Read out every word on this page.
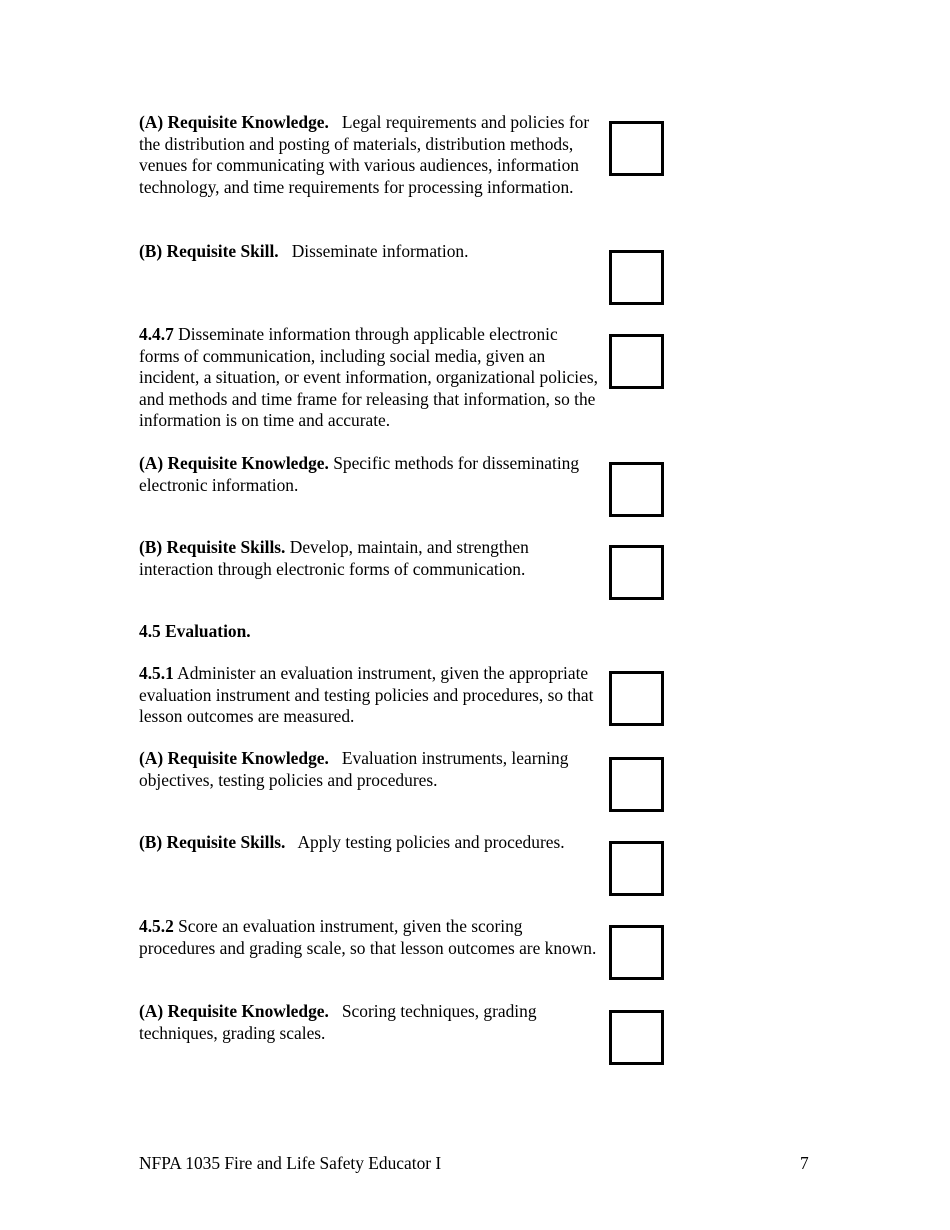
(A) Requisite Knowledge. Legal requirements and policies for the distribution and posting of materials, distribution methods, venues for communicating with various audiences, information technology, and time requirements for processing information.

(B) Requisite Skill. Disseminate information.

4.4.7 Disseminate information through applicable electronic forms of communication, including social media, given an incident, a situation, or event information, organizational policies, and methods and time frame for releasing that information, so the information is on time and accurate.

(A) Requisite Knowledge. Specific methods for disseminating electronic information.

(B) Requisite Skills. Develop, maintain, and strengthen interaction through electronic forms of communication.

4.5 Evaluation.

4.5.1 Administer an evaluation instrument, given the appropriate evaluation instrument and testing policies and procedures, so that lesson outcomes are measured.

(A) Requisite Knowledge. Evaluation instruments, learning objectives, testing policies and procedures.

(B) Requisite Skills. Apply testing policies and procedures.

4.5.2 Score an evaluation instrument, given the scoring procedures and grading scale, so that lesson outcomes are known.

(A) Requisite Knowledge. Scoring techniques, grading techniques, grading scales.

NFPA 1035 Fire and Life Safety Educator I	7
